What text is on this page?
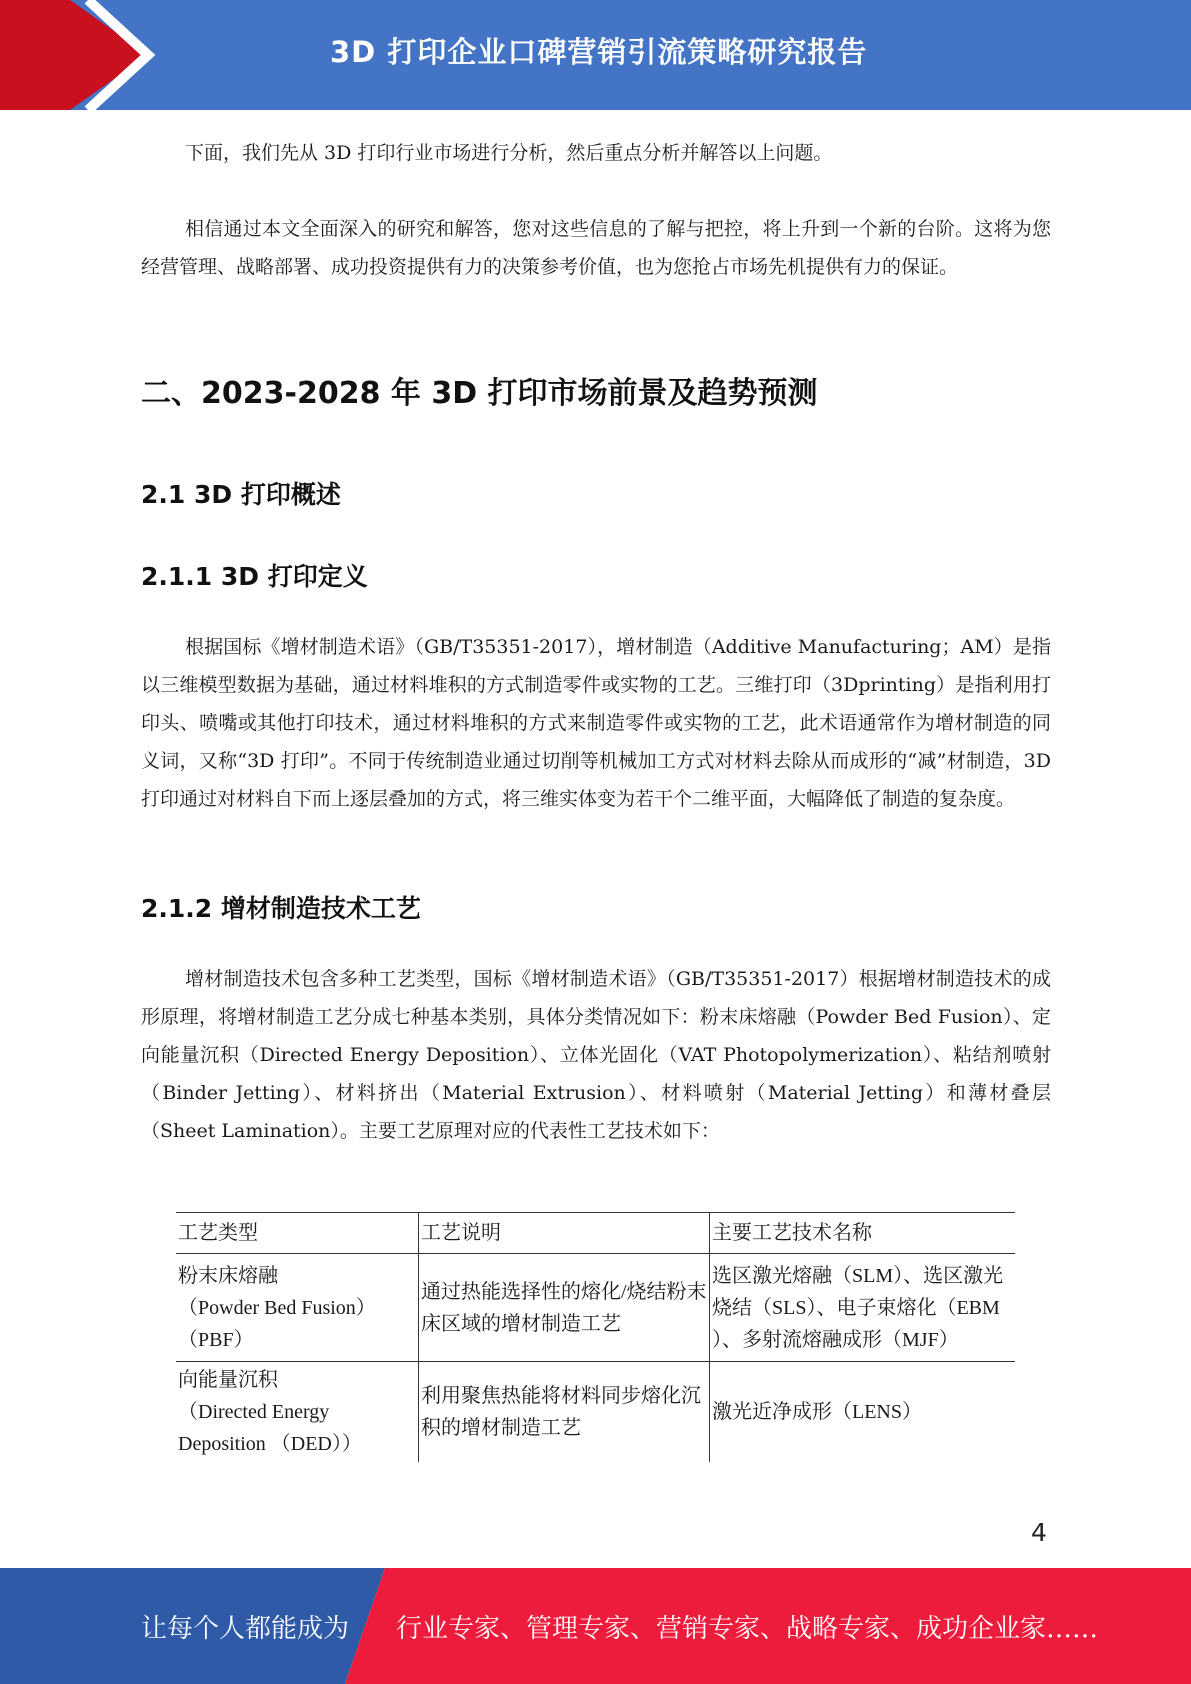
3D 打印企业口碑营销引流策略研究报告

下面，我们先从 3D 打印行业市场进行分析，然后重点分析并解答以上问题。

相信通过本文全面深入的研究和解答，您对这些信息的了解与把控，将上升到一个新的台阶。这将为您经营管理、战略部署、成功投资提供有力的决策参考价值，也为您抢占市场先机提供有力的保证。

二、2023-2028 年 3D 打印市场前景及趋势预测
2.1 3D 打印概述
2.1.1 3D 打印定义

根据国标《增材制造术语》（GB/T35351-2017），增材制造（Additive Manufacturing；AM）是指以三维模型数据为基础，通过材料堆积的方式制造零件或实物的工艺。三维打印（3Dprinting）是指利用打印头、喷嘴或其他打印技术，通过材料堆积的方式来制造零件或实物的工艺，此术语通常作为增材制造的同义词，又称“3D 打印”。不同于传统制造业通过切削等机械加工方式对材料去除从而成形的“减”材制造，3D 打印通过对材料自下而上逐层叠加的方式，将三维实体变为若干个二维平面，大幅降低了制造的复杂度。

2.1.2 增材制造技术工艺

增材制造技术包含多种工艺类型，国标《增材制造术语》（GB/T35351-2017）根据增材制造技术的成形原理，将增材制造工艺分成七种基本类别，具体分类情况如下：粉末床熔融（Powder Bed Fusion）、定向能量沉积（Directed Energy Deposition）、立体光固化（VAT Photopolymerization）、粘结剂喷射（Binder Jetting）、材料挤出（Material Extrusion）、材料喷射（Material Jetting）和薄材叠层（Sheet Lamination）。主要工艺原理对应的代表性工艺技术如下：

工艺类型	工艺说明	主要工艺技术名称

粉末床熔融
（Powder Bed Fusion）
（PBF）	通过热能选择性的熔化/烧结粉末床区域的增材制造工艺	选区激光熔融（SLM）、选区激光烧结（SLS）、电子束熔化（EBM ）、多射流熔融成形（MJF）

向能量沉积
（Directed Energy
Deposition （DED））	利用聚焦热能将材料同步熔化沉积的增材制造工艺	激光近净成形（LENS）
4
让每个人都能成为 行业专家、管理专家、营销专家、战略专家、成功企业家……
